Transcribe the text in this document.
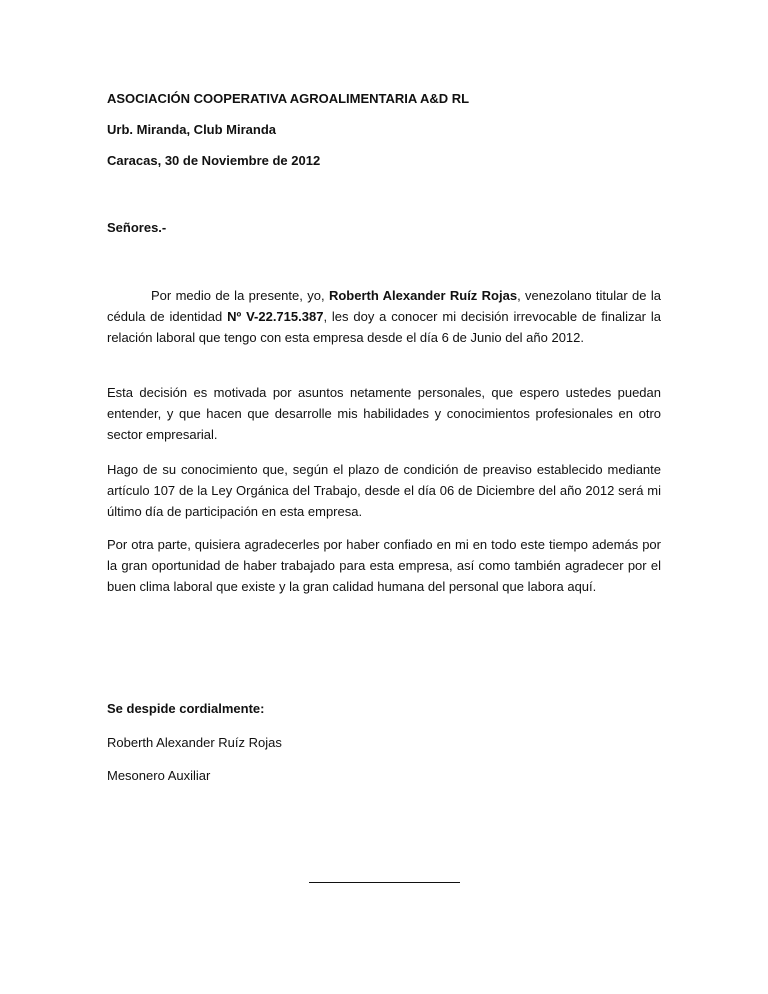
ASOCIACIÓN COOPERATIVA AGROALIMENTARIA A&D RL
Urb. Miranda, Club Miranda
Caracas, 30 de Noviembre de 2012
Señores.-
Por medio de la presente, yo, Roberth Alexander Ruíz Rojas, venezolano titular de la cédula de identidad Nº V-22.715.387, les doy a conocer mi decisión irrevocable de finalizar la relación laboral que tengo con esta empresa desde el día 6 de Junio del año 2012.
Esta decisión es motivada por asuntos netamente personales, que espero ustedes puedan entender, y que hacen que desarrolle mis habilidades y conocimientos profesionales en otro sector empresarial.
Hago de su conocimiento que, según el plazo de condición de preaviso establecido mediante artículo 107 de la Ley Orgánica del Trabajo, desde el día 06 de Diciembre del año 2012 será mi último día de participación en esta empresa.
Por otra parte, quisiera agradecerles por haber confiado en mi en todo este tiempo además por la gran oportunidad de haber trabajado para esta empresa, así como también agradecer por el buen clima laboral que existe y la gran calidad humana del personal que labora aquí.
Se despide cordialmente:
Roberth Alexander Ruíz Rojas
Mesonero Auxiliar
